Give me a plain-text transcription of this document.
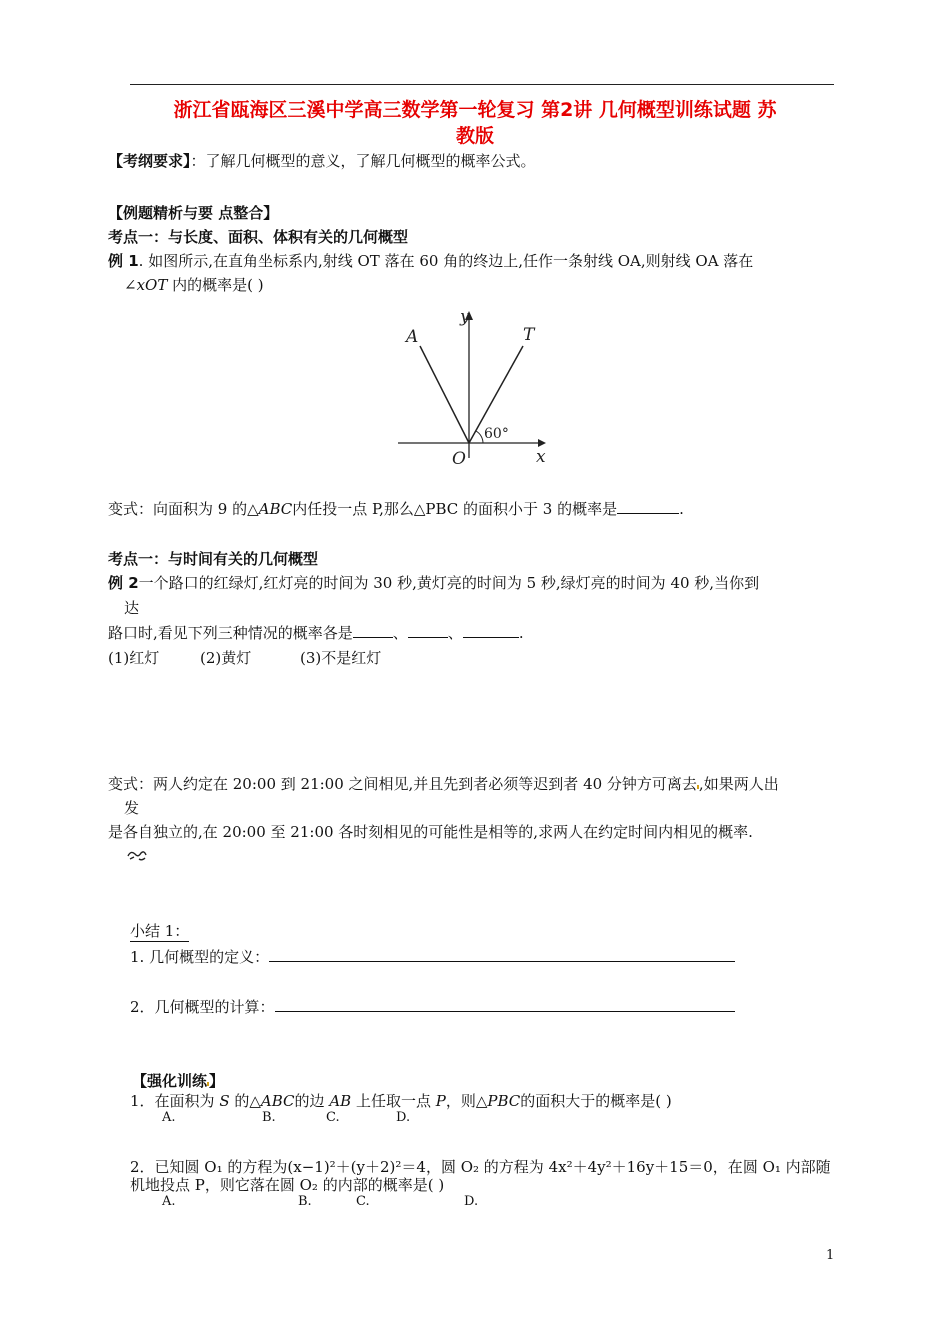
浙江省瓯海区三溪中学高三数学第一轮复习 第2讲 几何概型训练试题 苏
教版
【考纲要求】：了解几何概型的意义，了解几何概型的概率公式。
【例题精析与要 点整合】
考点一：与长度、面积、体积有关的几何概型
例 1. 如图所示,在直角坐标系内,射线 OT 落在 60 角的终边上,任作一条射线 OA,则射线 OA 落在
∠xOT 内的概率是( )
y
x
O
A	T
60°
变式：向面积为 9 的△ABC内任投一点 P,那么△PBC 的面积小于 3 的概率是	.
考点一：与时间有关的几何概型
例 2一个路口的红绿灯,红灯亮的时间为 30 秒,黄灯亮的时间为 5 秒,绿灯亮的时间为 40 秒,当你到
达
路口时,看见下列三种情况的概率各是	、	、	.
(1)红灯	(2)黄灯	(3)不是红灯
变式：两人约定在 20:00 到 21:00 之间相见,并且先到者必须等迟到者 40 分钟方可离去 ,如果两人出
发
是各自独立的,在 20:00 至 21:00 各时刻相见的可能性是相等的,求两人在约定时间内相见的概率.
小结 1：
1. 几何概型的定义：
2．几何概型的计算：
【强化训练 】
1．在面积为 S 的△ABC的边 AB 上任取一点 P，则△PBC的面积大于的概率是( )
A.	B.	C.	D.
2．已知圆 O₁ 的方程为(x−1)²＋(y＋2)²＝4，圆 O₂ 的方程为 4x²＋4y²＋16y＋15＝0，在圆 O₁ 内部随
机地投点 P，则它落在圆 O₂ 的内部的概率是( )
A.	B.	C.	D.
1
